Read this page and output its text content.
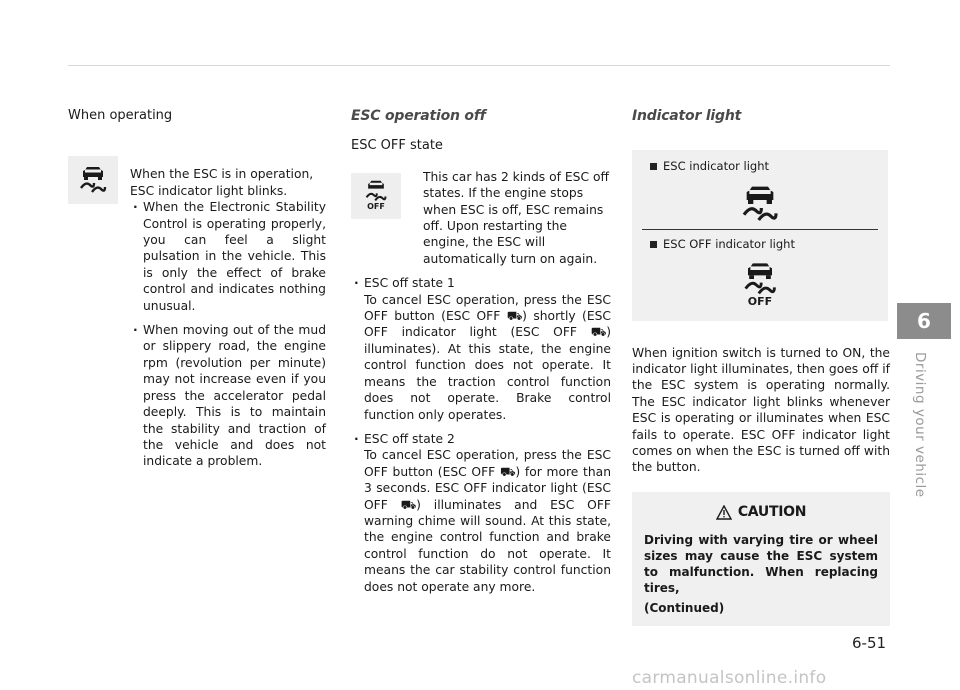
When operating

When the ESC is in operation, ESC indicator light blinks.

· When the Electronic Stability Control is operating properly, you can feel a slight pulsation in the vehicle. This is only the effect of brake control and indicates nothing unusual.

· When moving out of the mud or slippery road, the engine rpm (revolution per minute) may not increase even if you press the accelerator pedal deeply. This is to maintain the stability and traction of the vehicle and does not indicate a problem.

ESC operation off
ESC OFF state
OFF

This car has 2 kinds of ESC off states. If the engine stops when ESC is off, ESC remains off. Upon restarting the engine, the ESC will automatically turn on again.

· ESC off state 1
To cancel ESC operation, press the ESC OFF button (ESC OFF ⛟) shortly (ESC OFF indicator light (ESC OFF ⛟) illuminates). At this state, the engine control function does not operate. It means the traction control function does not operate. Brake control function only operates.
· ESC off state 2
To cancel ESC operation, press the ESC OFF button (ESC OFF ⛟) for more than 3 seconds. ESC OFF indicator light (ESC OFF ⛟) illuminates and ESC OFF warning chime will sound. At this state, the engine control function and brake control function do not operate. It means the car stability control function does not operate any more.
Indicator light
ESC indicator light
ESC OFF indicator light
OFF

When ignition switch is turned to ON, the indicator light illuminates, then goes off if the ESC system is operating normally. The ESC indicator light blinks whenever ESC is operating or illuminates when ESC fails to operate. ESC OFF indicator light comes on when the ESC is turned off with the button.

CAUTION

Driving with varying tire or wheel sizes may cause the ESC system to malfunction. When replacing tires,

(Continued)

6
Driving your vehicle
6-51
carmanualsonline.info
